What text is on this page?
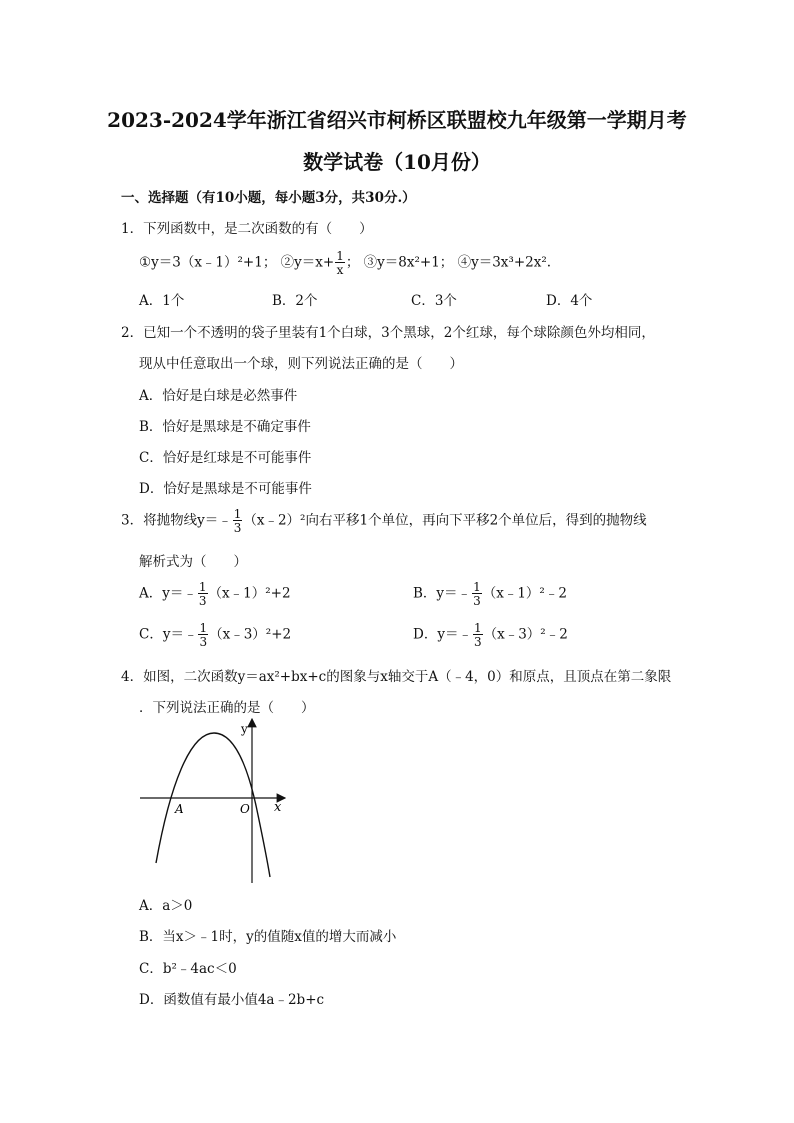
2023-2024学年浙江省绍兴市柯桥区联盟校九年级第一学期月考
数学试卷（10月份）
一、选择题（有10小题，每小题3分，共30分.）
1．下列函数中，是二次函数的有（　　）
①y＝3（x﹣1）²+1； ②y＝x+ $\frac{1}{x}$ ； ③y＝8x²+1； ④y＝3x³+2x².
A．1个	B．2个	C．3个	D．4个
2．已知一个不透明的袋子里装有1个白球，3个黑球，2个红球，每个球除颜色外均相同，
现从中任意取出一个球，则下列说法正确的是（　　）
A．恰好是白球是必然事件
B．恰好是黑球是不确定事件
C．恰好是红球是不可能事件
D．恰好是黑球是不可能事件
3．将抛物线y＝﹣ $\frac{1}{3}$ （x﹣2）²向右平移1个单位，再向下平移2个单位后，得到的抛物线
解析式为（　　）
A．y＝﹣ $\frac{1}{3}$ （x﹣1）²+2	B．y＝﹣ $\frac{1}{3}$ （x﹣1）²﹣2
C．y＝﹣ $\frac{1}{3}$ （x﹣3）²+2	D．y＝﹣ $\frac{1}{3}$ （x﹣3）²﹣2
4．如图，二次函数y＝ax²+bx+c的图象与x轴交于A（﹣4，0）和原点，且顶点在第二象限
．下列说法正确的是（　　）
y
x
A	O
A．a＞0
B．当x＞﹣1时，y的值随x值的增大而减小
C．b²﹣4ac＜0
D．函数值有最小值4a﹣2b+c
